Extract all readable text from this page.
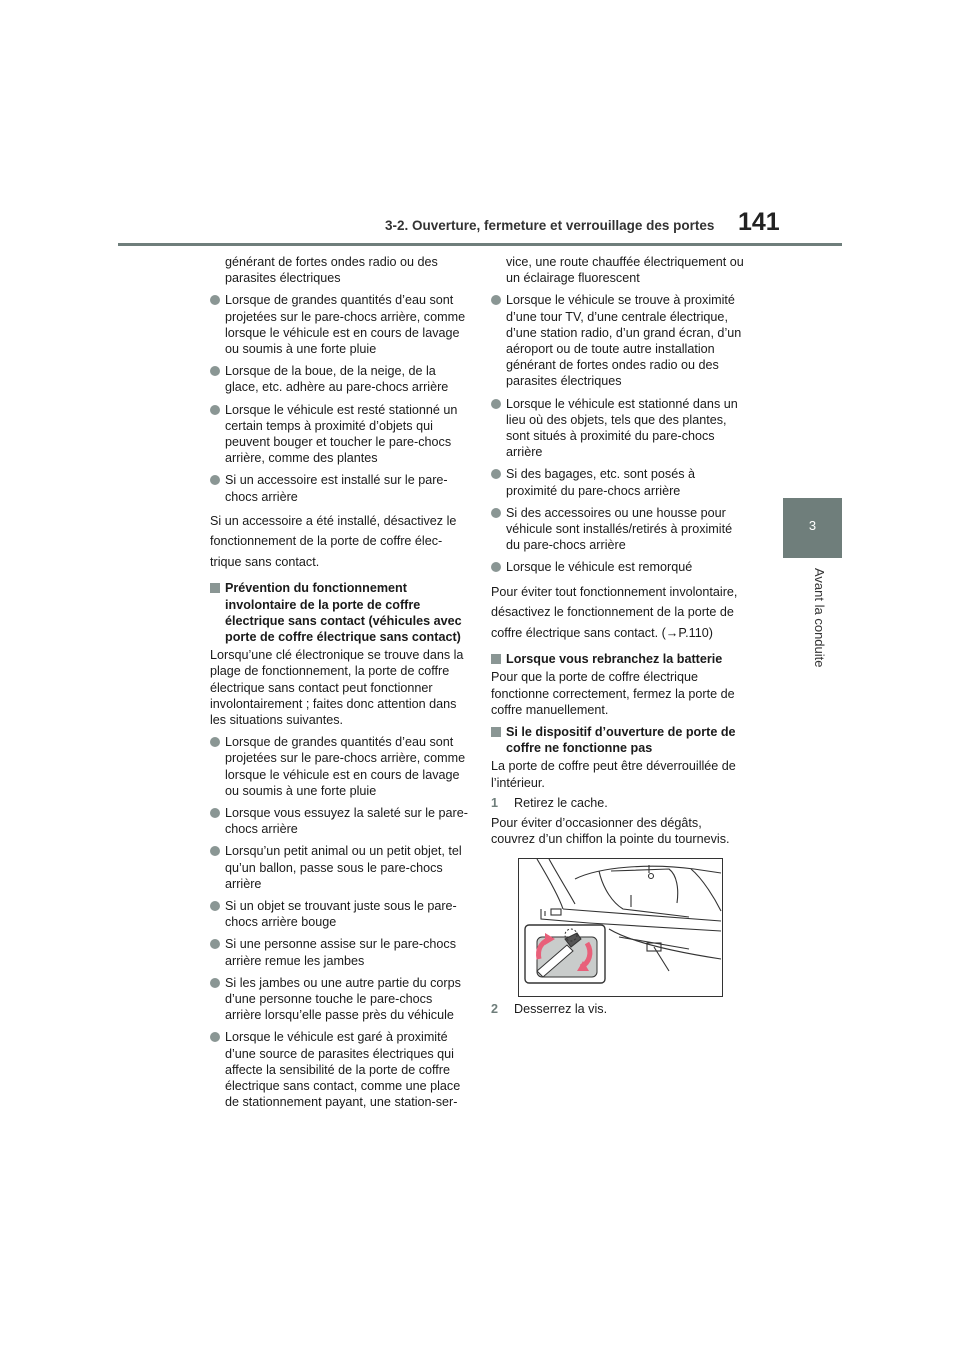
3-2. Ouverture, fermeture et verrouillage des portes 141
3
Avant la conduite
générant de fortes ondes radio ou des parasites électriques
Lorsque de grandes quantités d’eau sont projetées sur le pare-chocs arrière, comme lorsque le véhicule est en cours de lavage ou soumis à une forte pluie
Lorsque de la boue, de la neige, de la glace, etc. adhère au pare-chocs arrière
Lorsque le véhicule est resté stationné un certain temps à proximité d’objets qui peuvent bouger et toucher le pare-chocs arrière, comme des plantes
Si un accessoire est installé sur le pare-chocs arrière
Si un accessoire a été installé, désactivez le
fonctionnement de la porte de coffre élec-
trique sans contact.
Prévention du fonctionnement involontaire de la porte de coffre électrique sans contact (véhicules avec porte de coffre électrique sans contact)
Lorsqu’une clé électronique se trouve dans la plage de fonctionnement, la porte de coffre électrique sans contact peut fonctionner involontairement ; faites donc attention dans les situations suivantes.
Lorsque de grandes quantités d’eau sont projetées sur le pare-chocs arrière, comme lorsque le véhicule est en cours de lavage ou soumis à une forte pluie
Lorsque vous essuyez la saleté sur le pare-chocs arrière
Lorsqu’un petit animal ou un petit objet, tel qu’un ballon, passe sous le pare-chocs arrière
Si un objet se trouvant juste sous le pare-chocs arrière bouge
Si une personne assise sur le pare-chocs arrière remue les jambes
Si les jambes ou une autre partie du corps d’une personne touche le pare-chocs arrière lorsqu’elle passe près du véhicule
Lorsque le véhicule est garé à proximité d’une source de parasites électriques qui affecte la sensibilité de la porte de coffre électrique sans contact, comme une place de stationnement payant, une station-ser-
vice, une route chauffée électriquement ou un éclairage fluorescent
Lorsque le véhicule se trouve à proximité d’une tour TV, d’une centrale électrique, d’une station radio, d’un grand écran, d’un aéroport ou de toute autre installation générant de fortes ondes radio ou des parasites électriques
Lorsque le véhicule est stationné dans un lieu où des objets, tels que des plantes, sont situés à proximité du pare-chocs arrière
Si des bagages, etc. sont posés à proximité du pare-chocs arrière
Si des accessoires ou une housse pour véhicule sont installés/retirés à proximité du pare-chocs arrière
Lorsque le véhicule est remorqué
Pour éviter tout fonctionnement involontaire,
désactivez le fonctionnement de la porte de
coffre électrique sans contact. (→P.110)
Lorsque vous rebranchez la batterie
Pour que la porte de coffre électrique fonctionne correctement, fermez la porte de coffre manuellement.
Si le dispositif d’ouverture de porte de coffre ne fonctionne pas
La porte de coffre peut être déverrouillée de l’intérieur.
1 Retirez le cache.
Pour éviter d’occasionner des dégâts, couvrez d’un chiffon la pointe du tournevis.
2 Desserrez la vis.
